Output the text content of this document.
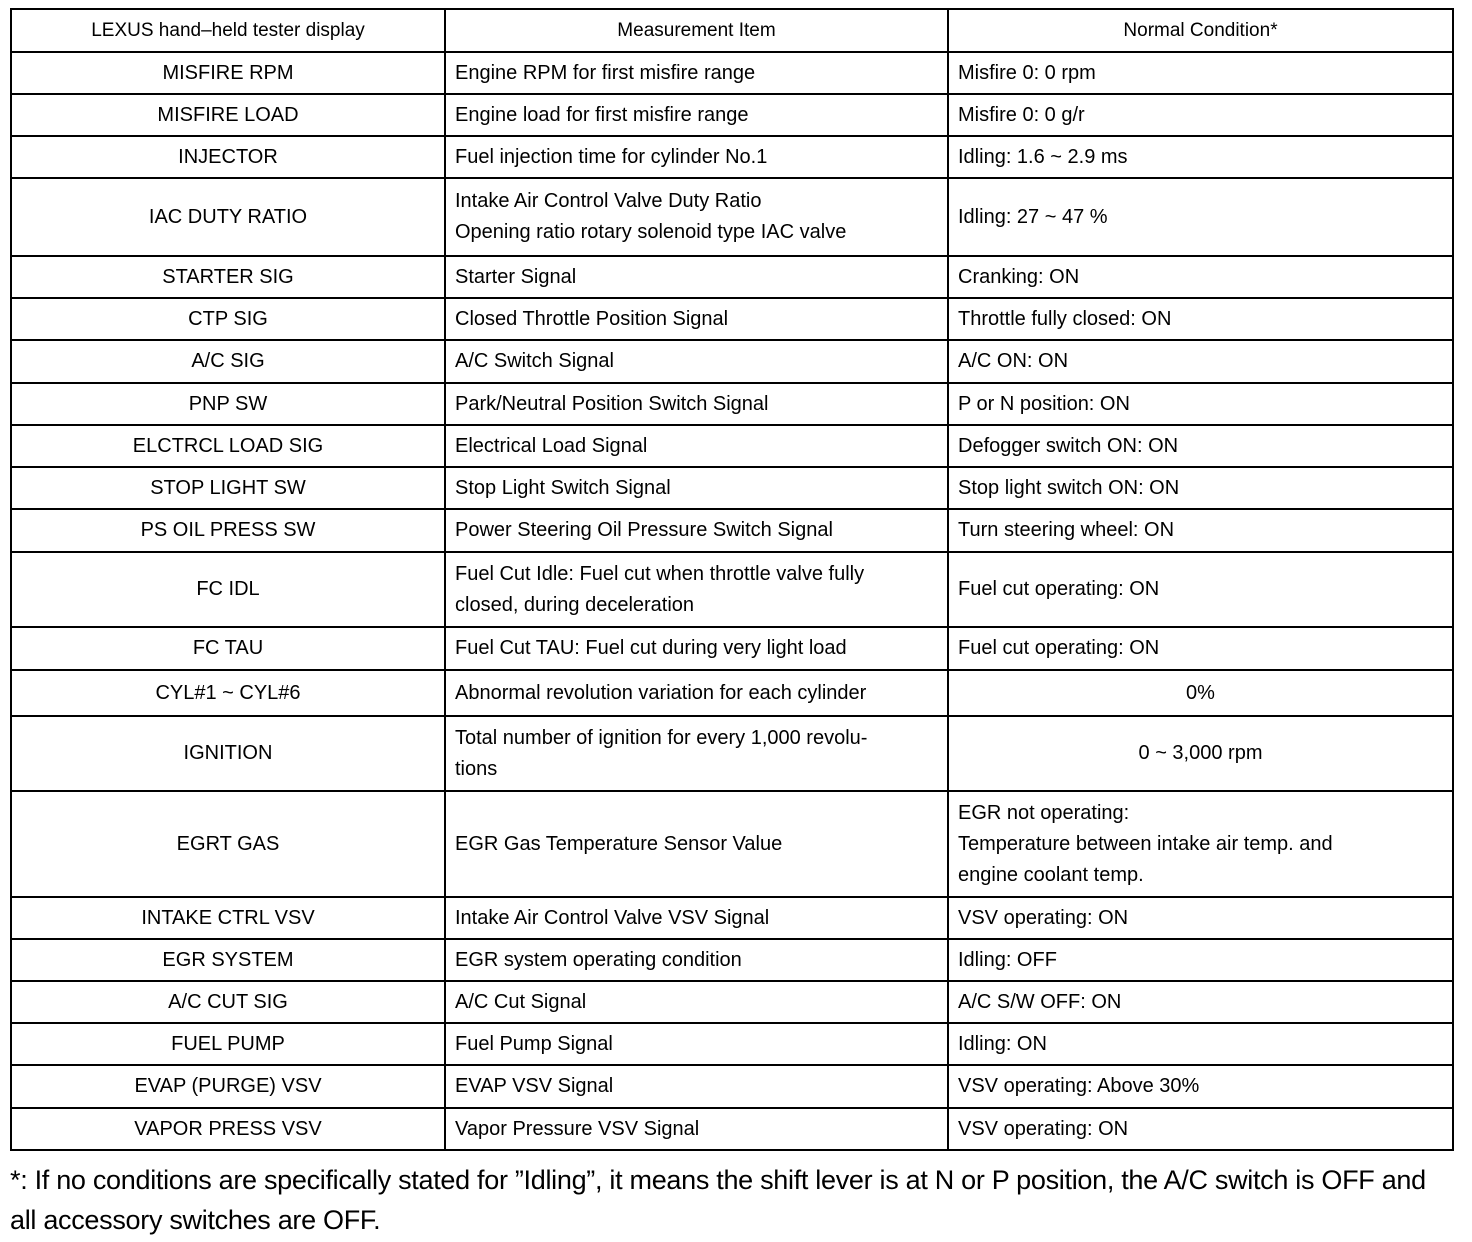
LEXUS hand–held tester display	Measurement Item	Normal Condition*
MISFIRE RPM	Engine RPM for first misfire range	Misfire 0: 0 rpm

MISFIRE LOAD	Engine load for first misfire range	Misfire 0: 0 g/r

INJECTOR	Fuel injection time for cylinder No.1	Idling: 1.6 ~ 2.9 ms

IAC DUTY RATIO	Intake Air Control Valve Duty Ratio
Opening ratio rotary solenoid type IAC valve	Idling: 27 ~ 47 %

STARTER SIG	Starter Signal	Cranking: ON

CTP SIG	Closed Throttle Position Signal	Throttle fully closed: ON

A/C SIG	A/C Switch Signal	A/C ON: ON

PNP SW	Park/Neutral Position Switch Signal	P or N position: ON

ELCTRCL LOAD SIG	Electrical Load Signal	Defogger switch ON: ON

STOP LIGHT SW	Stop Light Switch Signal	Stop light switch ON: ON

PS OIL PRESS SW	Power Steering Oil Pressure Switch Signal	Turn steering wheel: ON

FC IDL	Fuel Cut Idle: Fuel cut when throttle valve fully
closed, during deceleration	Fuel cut operating: ON

FC TAU	Fuel Cut TAU: Fuel cut during very light load	Fuel cut operating: ON

CYL#1 ~ CYL#6	Abnormal revolution variation for each cylinder	0%

IGNITION	Total number of ignition for every 1,000 revolu-
tions	0 ~ 3,000 rpm

EGRT GAS	EGR Gas Temperature Sensor Value	EGR not operating:
Temperature between intake air temp. and
engine coolant temp.

INTAKE CTRL VSV	Intake Air Control Valve VSV Signal	VSV operating: ON

EGR SYSTEM	EGR system operating condition	Idling: OFF

A/C CUT SIG	A/C Cut Signal	A/C S/W OFF: ON

FUEL PUMP	Fuel Pump Signal	Idling: ON

EVAP (PURGE) VSV	EVAP VSV Signal	VSV operating: Above 30%

VAPOR PRESS VSV	Vapor Pressure VSV Signal	VSV operating: ON
*: If no conditions are specifically stated for ”Idling”, it means the shift lever is at N or P position, the A/C switch is OFF and all accessory switches are OFF.
